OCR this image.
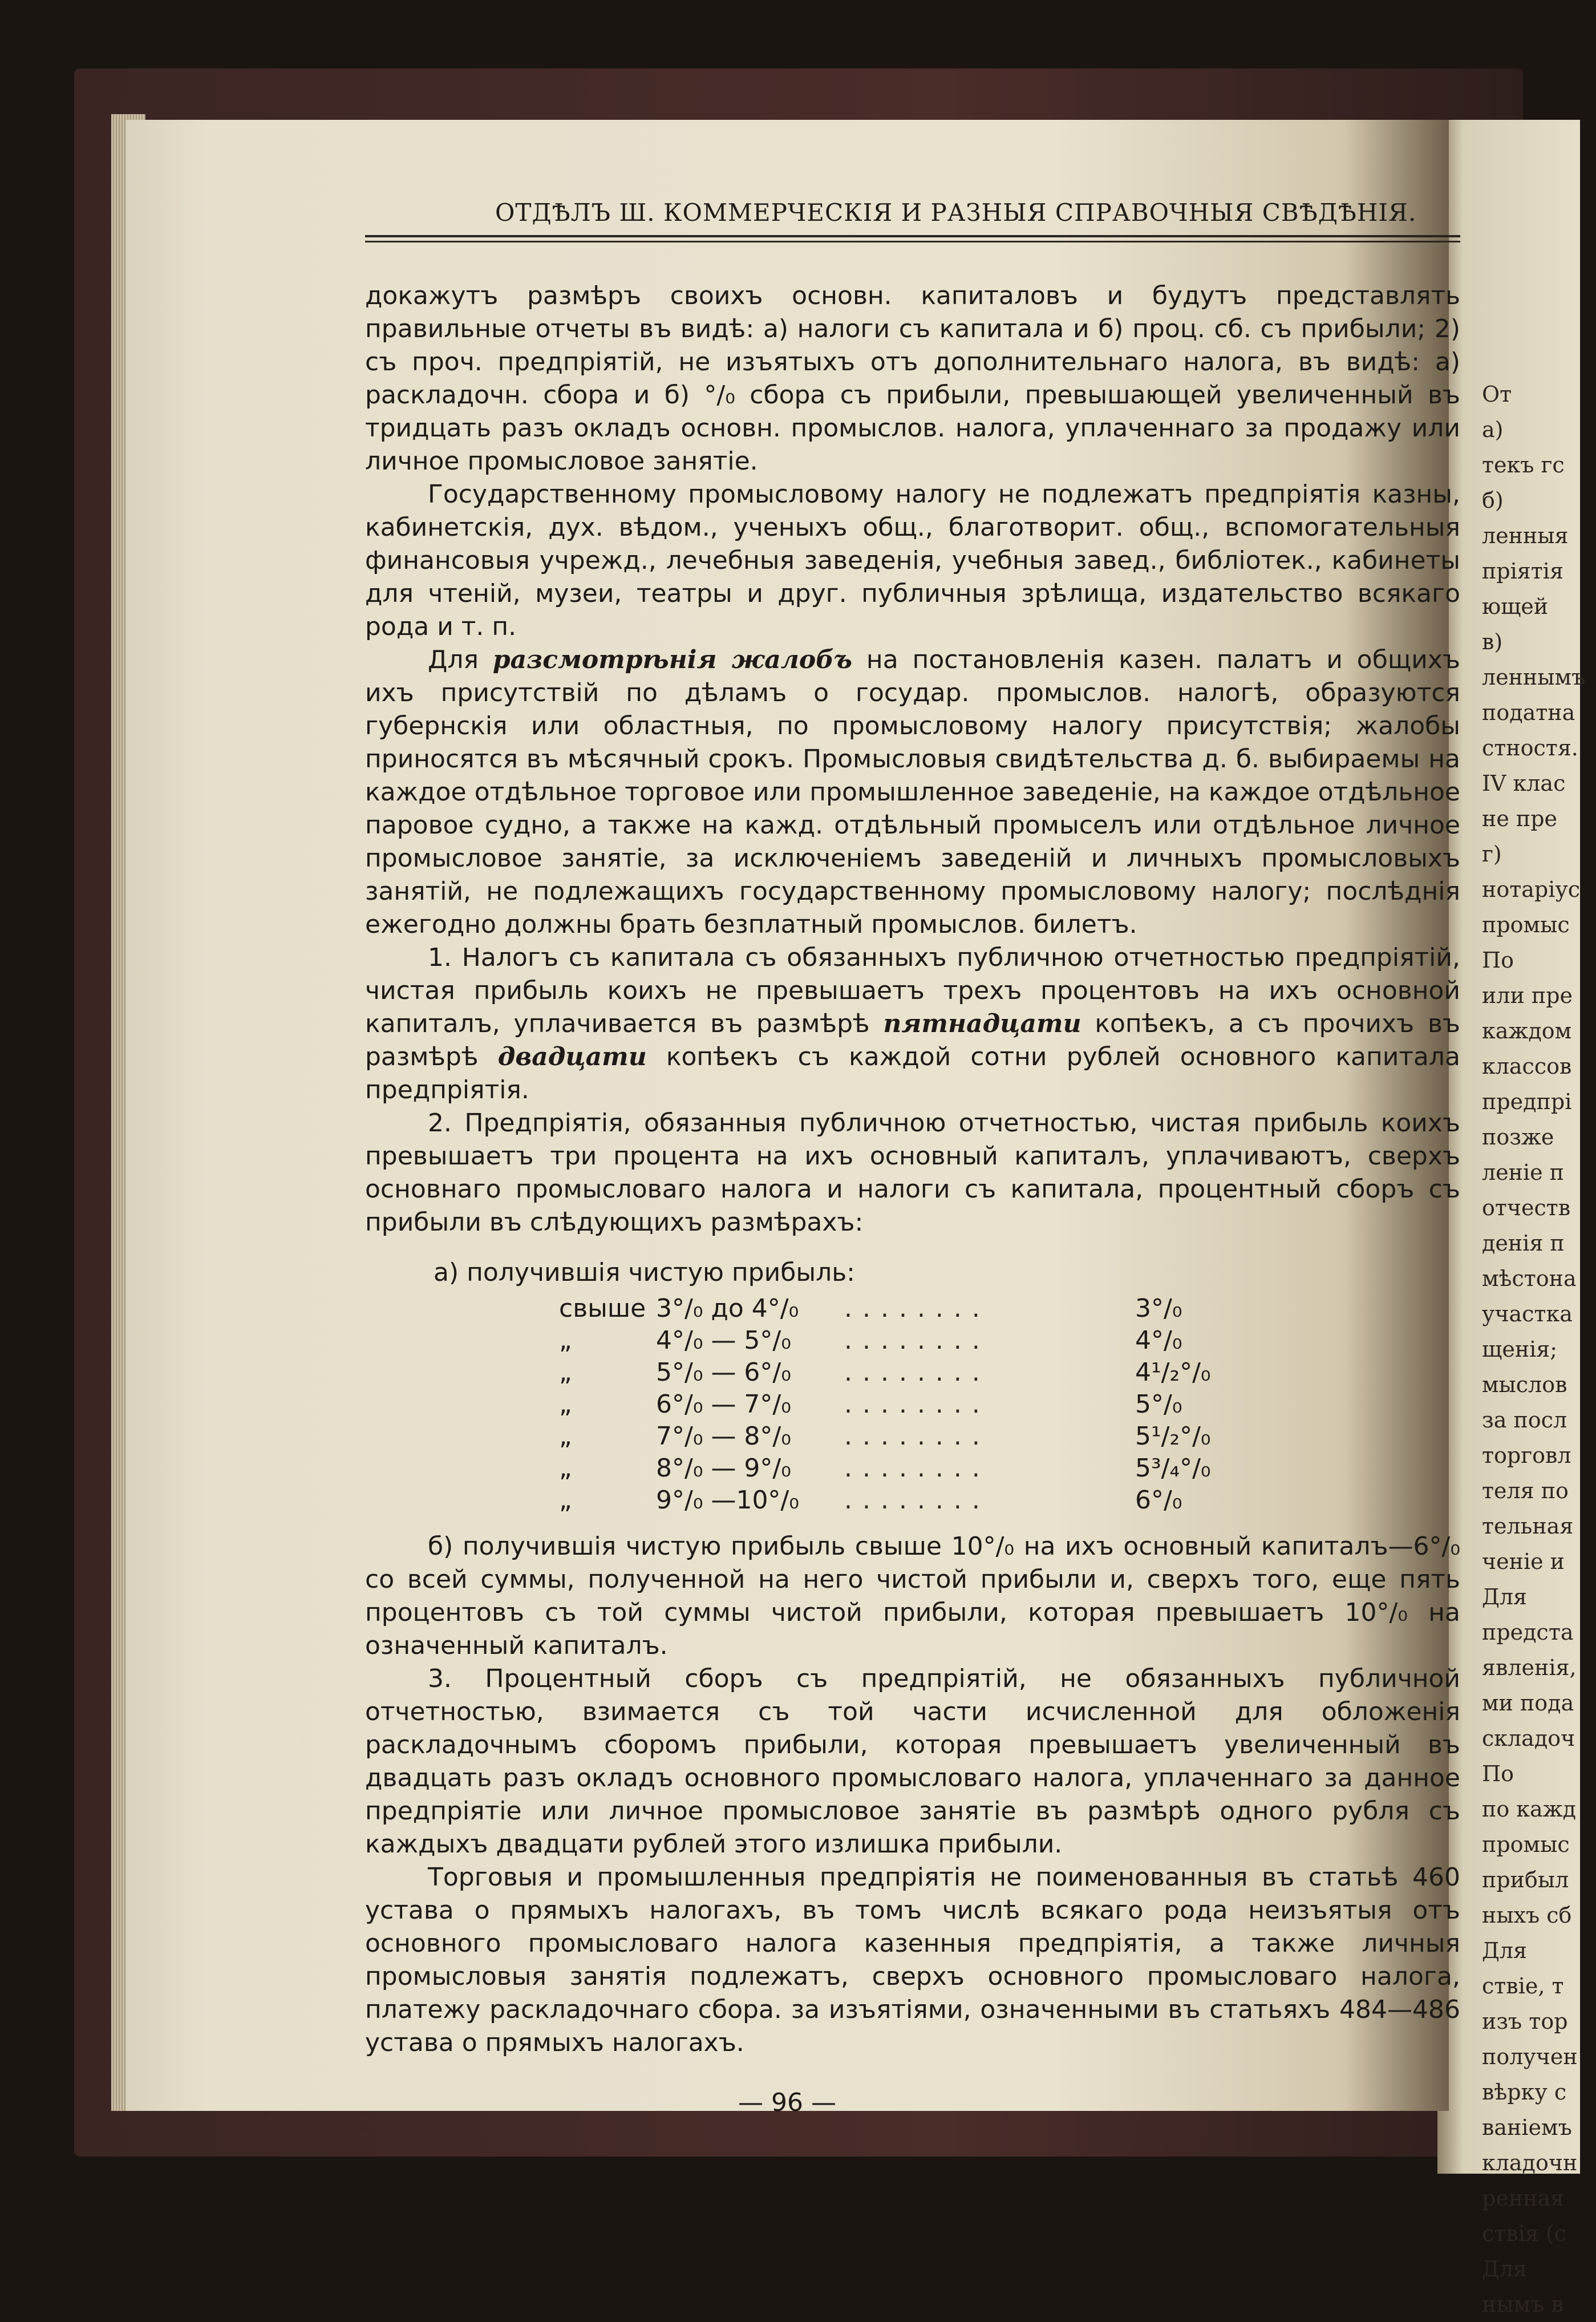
От
а)
текъ гс
б)
ленныя
пріятія
ющей
в)
леннымъ
податна
стностя.
IV клас
не пре
г)
нотаріус
промыс
По
или пре
каждом
классов
предпрі
позже
леніе п
отчеств
денія п
мѣстона
участка
щенія;
мыслов
за посл
торговл
теля по
тельная
ченіе и
Для
предста
явленія,
ми пода
складоч
По
по кажд
промыс
прибыл
ныхъ сб
Для
ствіе, т
изъ тор
получен
вѣрку с
ваніемъ
кладочн
ренная
ствія (с
Для
нымъ в
ОТДѢЛЪ Ш. КОММЕРЧЕСКІЯ И РАЗНЫЯ СПРАВОЧНЫЯ СВѢДѢНІЯ.

докажутъ размѣръ своихъ основн. капиталовъ и будутъ представлять правильные отчеты въ видѣ: а) налоги съ капитала и б) проц. сб. съ прибыли; 2) съ проч. предпріятій, не изъятыхъ отъ дополнительнаго налога, въ видѣ: а) раскладочн. сбора и б) °/₀ сбора съ прибыли, превышающей увеличенный въ тридцать разъ окладъ основн. промыслов. налога, уплаченнаго за продажу или личное промысловое занятіе.

Государственному промысловому налогу не подлежатъ предпріятія казны, кабинетскія, дух. вѣдом., ученыхъ общ., благотворит. общ., вспомогательныя финансовыя учрежд., лечебныя заведенія, учебныя завед., библіотек., кабинеты для чтеній, музеи, театры и друг. публичныя зрѣлища, издательство всякаго рода и т. п.

Для разсмотрѣнія жалобъ на постановленія казен. палатъ и общихъ ихъ присутствій по дѣламъ о государ. промыслов. налогѣ, образуются губернскія или областныя, по промысловому налогу присутствія; жалобы приносятся въ мѣсячный срокъ. Промысловыя свидѣтельства д. б. выбираемы на каждое отдѣльное торговое или промышленное заведеніе, на каждое отдѣльное паровое судно, а также на кажд. отдѣльный промыселъ или отдѣльное личное промысловое занятіе, за исключеніемъ заведеній и личныхъ промысловыхъ занятій, не подлежащихъ государственному промысловому налогу; послѣднія ежегодно должны брать безплатный промыслов. билетъ.

1. Налогъ съ капитала съ обязанныхъ публичною отчетностью предпріятій, чистая прибыль коихъ не превышаетъ трехъ процентовъ на ихъ основной капиталъ, уплачивается въ размѣрѣ пятнадцати копѣекъ, а съ прочихъ въ размѣрѣ двадцати копѣекъ съ каждой сотни рублей основного капитала предпріятія.

2. Предпріятія, обязанныя публичною отчетностью, чистая прибыль коихъ превышаетъ три процента на ихъ основный капиталъ, уплачиваютъ, сверхъ основнаго промысловаго налога и налоги съ капитала, процентный сборъ съ прибыли въ слѣдующихъ размѣрахъ:

а) получившія чистую прибыль:
свыше	3°/₀ до 4°/₀	........	3°/₀
„	4°/₀ — 5°/₀	........	4°/₀
„	5°/₀ — 6°/₀	........	4¹/₂°/₀
„	6°/₀ — 7°/₀	........	5°/₀
„	7°/₀ — 8°/₀	........	5¹/₂°/₀
„	8°/₀ — 9°/₀	........	5³/₄°/₀
„	9°/₀ —10°/₀	........	6°/₀

б) получившія чистую прибыль свыше 10°/₀ на ихъ основный капиталъ—6°/₀ со всей суммы, полученной на него чистой прибыли и, сверхъ того, еще пять процентовъ съ той суммы чистой прибыли, которая превышаетъ 10°/₀ на означенный капиталъ.

3. Процентный сборъ съ предпріятій, не обязанныхъ публичной отчетностью, взимается съ той части исчисленной для обложенія раскладочнымъ сборомъ прибыли, которая превышаетъ увеличенный въ двадцать разъ окладъ основного промысловаго налога, уплаченнаго за данное предпріятіе или личное промысловое занятіе въ размѣрѣ одного рубля съ каждыхъ двадцати рублей этого излишка прибыли.

Торговыя и промышленныя предпріятія не поименованныя въ статьѣ 460 устава о прямыхъ налогахъ, въ томъ числѣ всякаго рода неизъятыя отъ основного промысловаго налога казенныя предпріятія, а также личныя промысловыя занятія подлежатъ, сверхъ основного промысловаго налога, платежу раскладочнаго сбора. за изъятіями, означенными въ статьяхъ 484—486 устава о прямыхъ налогахъ.

— 96 —
